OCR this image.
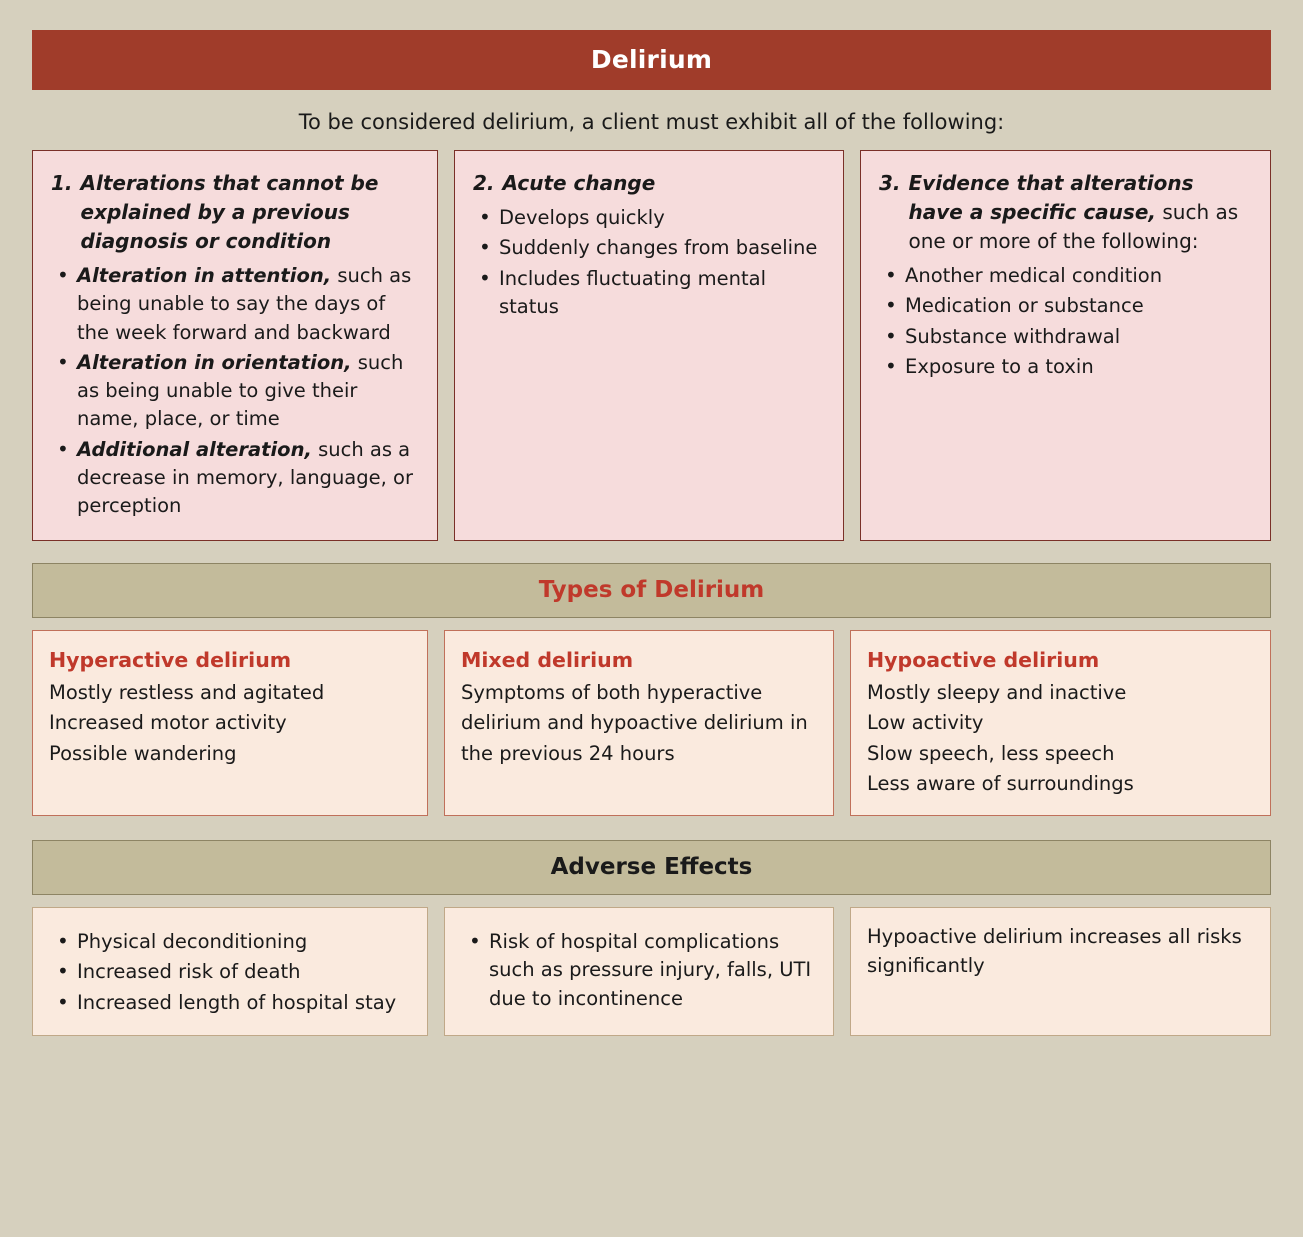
Delirium
To be considered delirium, a client must exhibit all of the following:
1. Alterations that cannot be explained by a previous diagnosis or condition
• Alteration in attention, such as being unable to say the days of the week forward and backward
• Alteration in orientation, such as being unable to give their name, place, or time
• Additional alteration, such as a decrease in memory, language, or perception
2. Acute change
• Develops quickly
• Suddenly changes from baseline
• Includes fluctuating mental status
3. Evidence that alterations have a specific cause, such as one or more of the following:
• Another medical condition
• Medication or substance
• Substance withdrawal
• Exposure to a toxin
Types of Delirium
Hyperactive delirium
Mostly restless and agitated
Increased motor activity
Possible wandering
Mixed delirium
Symptoms of both hyperactive delirium and hypoactive delirium in the previous 24 hours
Hypoactive delirium
Mostly sleepy and inactive
Low activity
Slow speech, less speech
Less aware of surroundings
Adverse Effects
• Physical deconditioning
• Increased risk of death
• Increased length of hospital stay
• Risk of hospital complications such as pressure injury, falls, UTI due to incontinence
Hypoactive delirium increases all risks significantly
